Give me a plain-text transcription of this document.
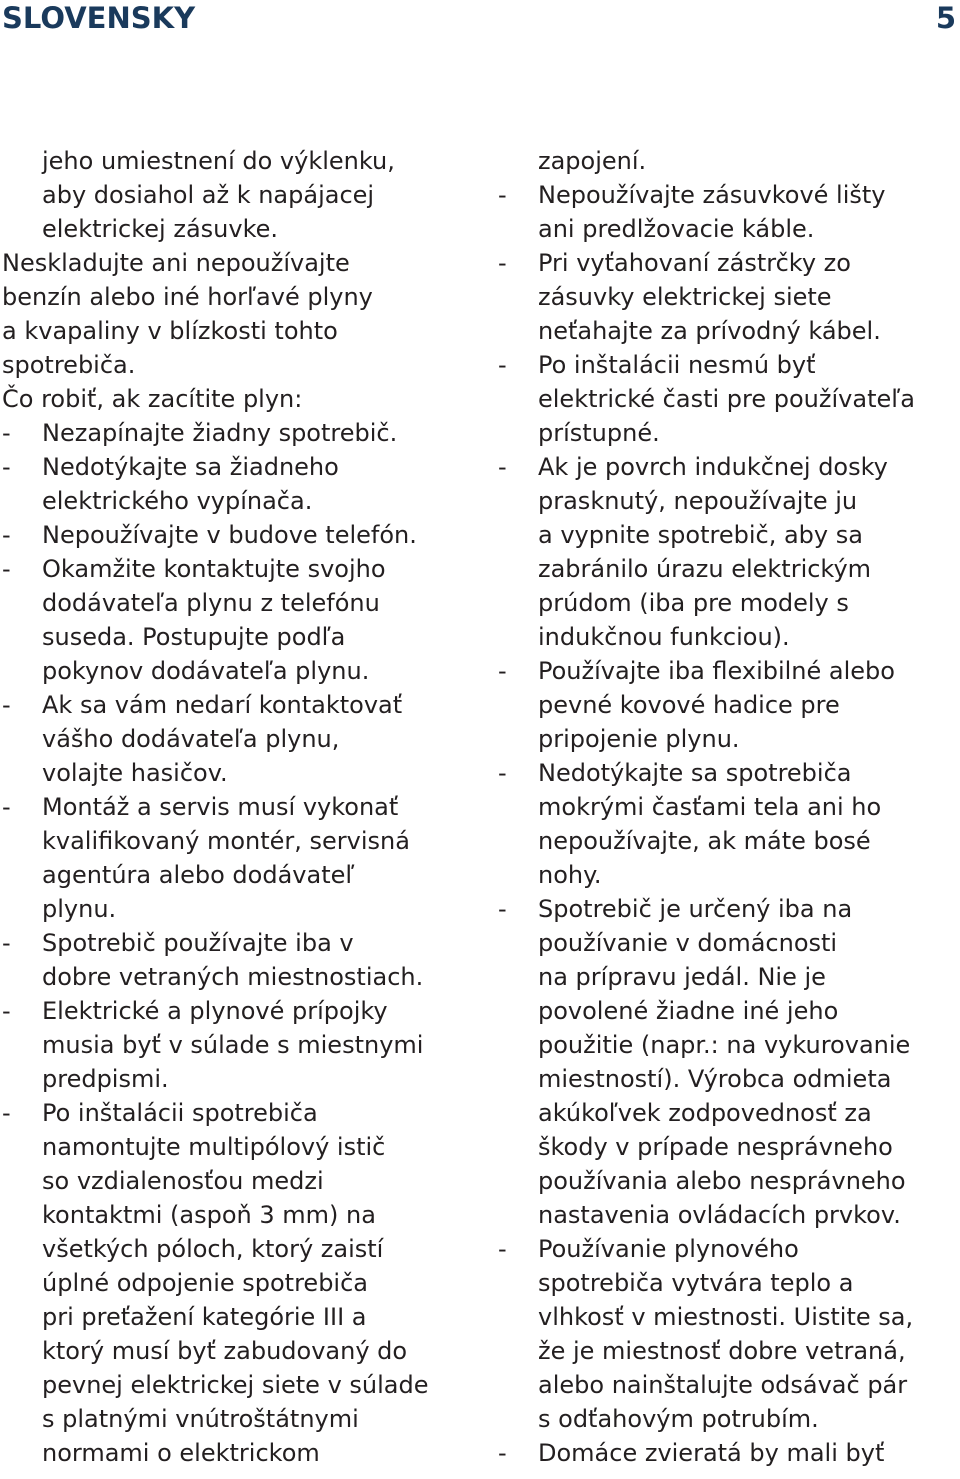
SLOVENSKY	5
jeho umiestnení do výklenku,
aby dosiahol až k napájacej
elektrickej zásuvke.
Neskladujte ani nepoužívajte
benzín alebo iné horľavé plyny
a kvapaliny v blízkosti tohto
spotrebiča.
Čo robiť, ak zacítite plyn:
- Nezapínajte žiadny spotrebič.
- Nedotýkajte sa žiadneho
elektrického vypínača.
- Nepoužívajte v budove telefón.
- Okamžite kontaktujte svojho
dodávateľa plynu z telefónu
suseda. Postupujte podľa
pokynov dodávateľa plynu.
- Ak sa vám nedarí kontaktovať
vášho dodávateľa plynu,
volajte hasičov.
- Montáž a servis musí vykonať
kvalifikovaný montér, servisná
agentúra alebo dodávateľ
plynu.
- Spotrebič používajte iba v
dobre vetraných miestnostiach.
- Elektrické a plynové prípojky
musia byť v súlade s miestnymi
predpismi.
- Po inštalácii spotrebiča
namontujte multipólový istič
so vzdialenosťou medzi
kontaktmi (aspoň 3 mm) na
všetkých póloch, ktorý zaistí
úplné odpojenie spotrebiča
pri preťažení kategórie III a
ktorý musí byť zabudovaný do
pevnej elektrickej siete v súlade
s platnými vnútroštátnymi
normami o elektrickom
zapojení.
- Nepoužívajte zásuvkové lišty
ani predlžovacie káble.
- Pri vyťahovaní zástrčky zo
zásuvky elektrickej siete
neťahajte za prívodný kábel.
- Po inštalácii nesmú byť
elektrické časti pre používateľa
prístupné.
- Ak je povrch indukčnej dosky
prasknutý, nepoužívajte ju
a vypnite spotrebič, aby sa
zabránilo úrazu elektrickým
prúdom (iba pre modely s
indukčnou funkciou).
- Používajte iba flexibilné alebo
pevné kovové hadice pre
pripojenie plynu.
- Nedotýkajte sa spotrebiča
mokrými časťami tela ani ho
nepoužívajte, ak máte bosé
nohy.
- Spotrebič je určený iba na
používanie v domácnosti
na prípravu jedál. Nie je
povolené žiadne iné jeho
použitie (napr.: na vykurovanie
miestností). Výrobca odmieta
akúkoľvek zodpovednosť za
škody v prípade nesprávneho
používania alebo nesprávneho
nastavenia ovládacích prvkov.
- Používanie plynového
spotrebiča vytvára teplo a
vlhkosť v miestnosti. Uistite sa,
že je miestnosť dobre vetraná,
alebo nainštalujte odsávač pár
s odťahovým potrubím.
- Domáce zvieratá by mali byť
